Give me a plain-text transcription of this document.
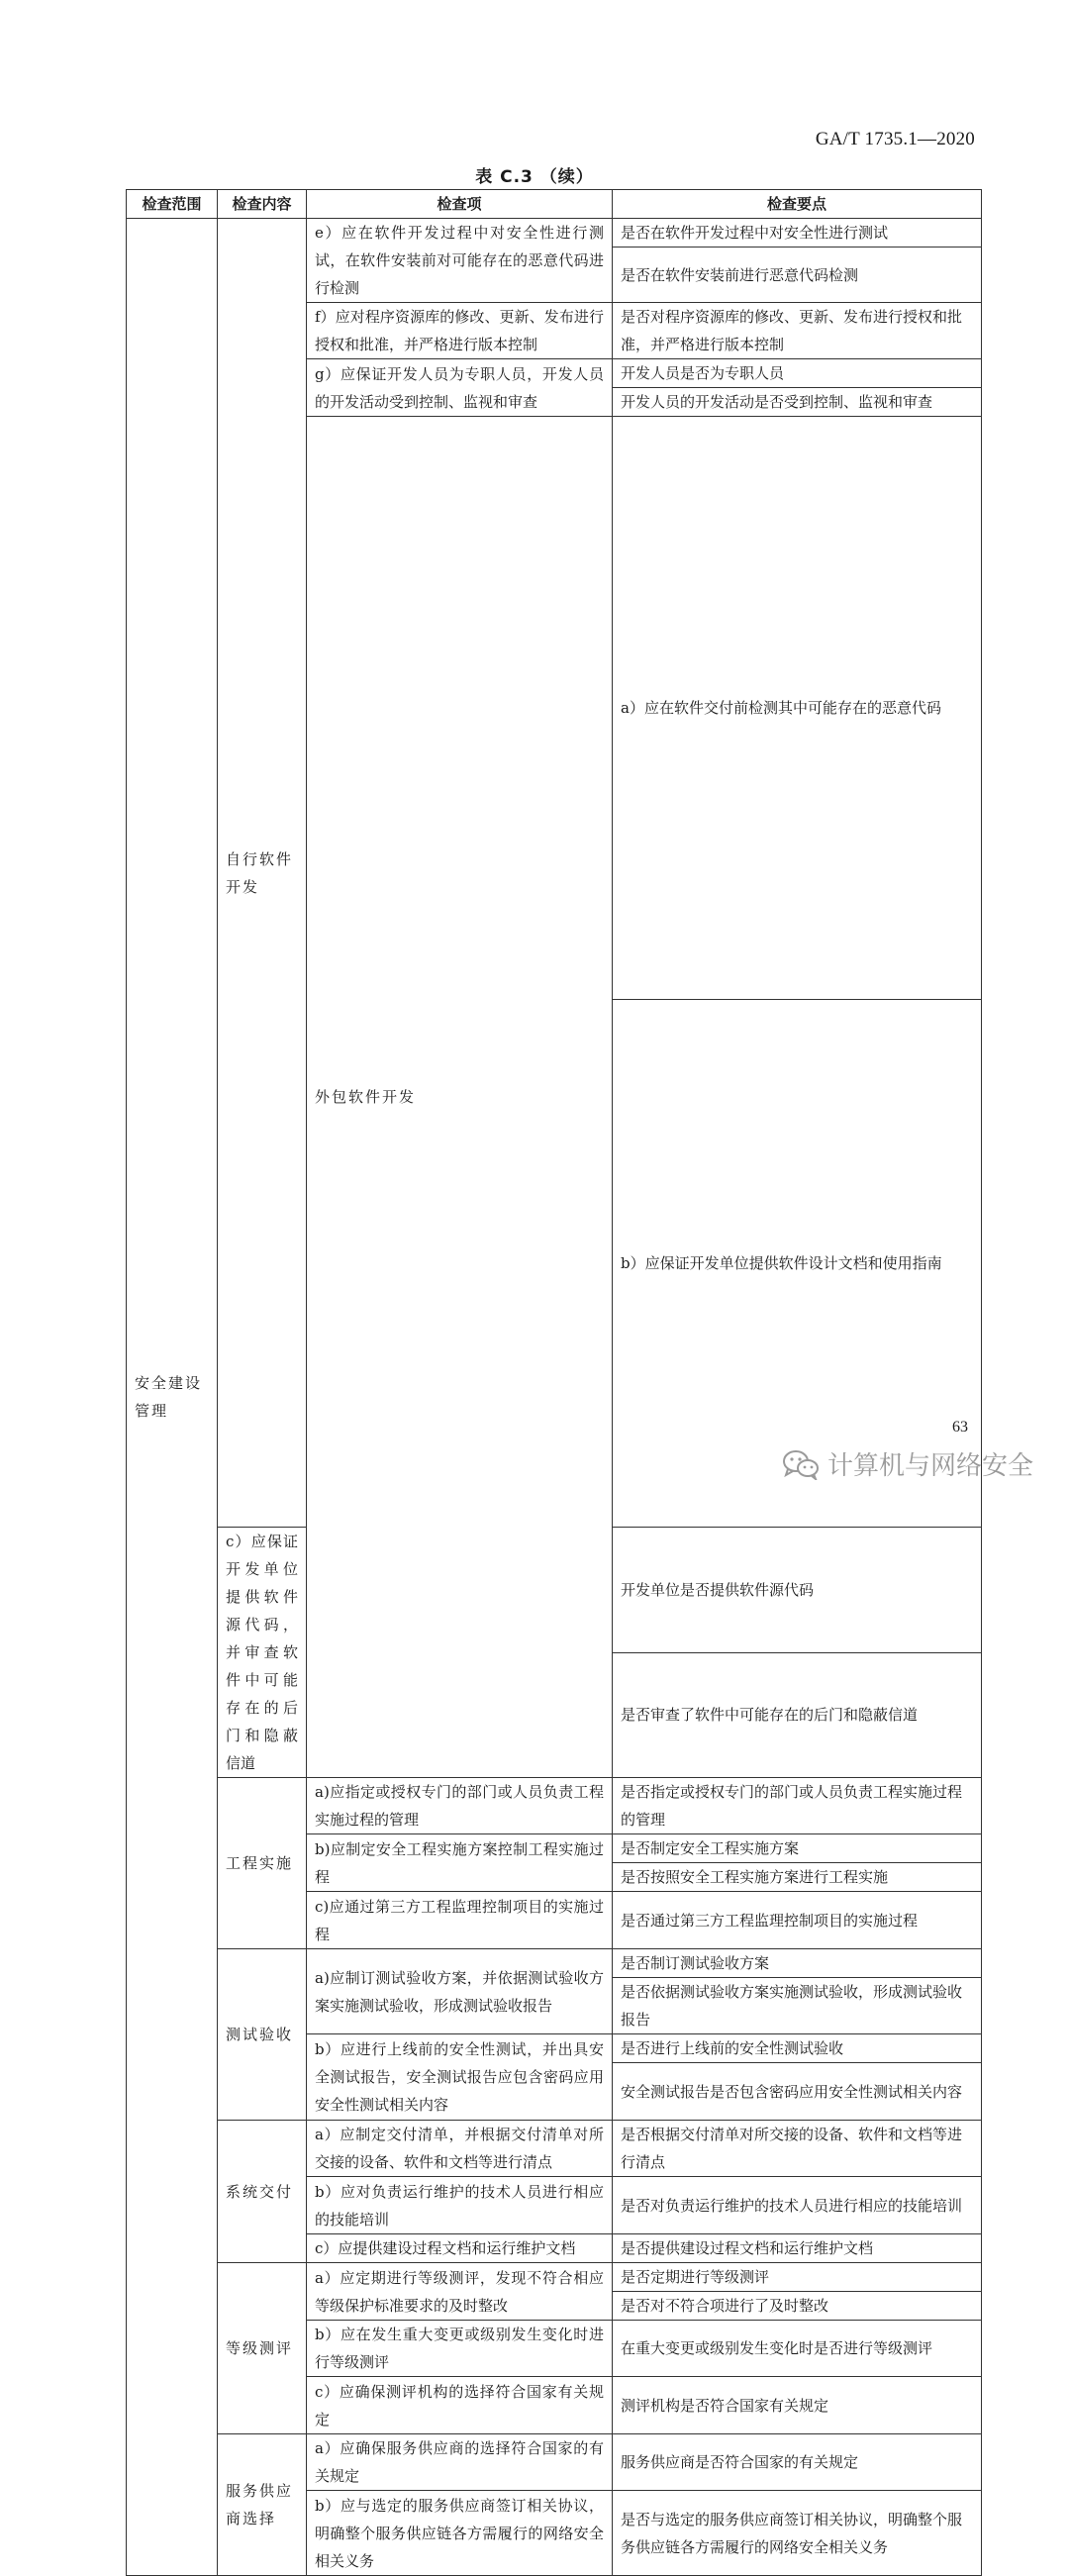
GA/T 1735.1—2020
表 C.3 （续）
检查范围	检查内容	检查项	检查要点	
安全建设管理	自行软件开发	e）应在软件开发过程中对安全性进行测试，在软件安装前对可能存在的恶意代码进行检测	是否在软件开发过程中对安全性进行测试	
			是否在软件安装前进行恶意代码检测	
		f）应对程序资源库的修改、更新、发布进行授权和批准，并严格进行版本控制	是否对程序资源库的修改、更新、发布进行授权和批准，并严格进行版本控制	
		g）应保证开发人员为专职人员，开发人员的开发活动受到控制、监视和审查	开发人员是否为专职人员	
			开发人员的开发活动是否受到控制、监视和审查	
		外包软件开发	a）应在软件交付前检测其中可能存在的恶意代码	
			b）应保证开发单位提供软件设计文档和使用指南	
	c）应保证开发单位提供软件源代码，并审查软件中可能存在的后门和隐蔽信道		开发单位是否提供软件源代码	
			是否审查了软件中可能存在的后门和隐蔽信道	
	工程实施	a)应指定或授权专门的部门或人员负责工程实施过程的管理	是否指定或授权专门的部门或人员负责工程实施过程的管理	
		b)应制定安全工程实施方案控制工程实施过程	是否制定安全工程实施方案	
			是否按照安全工程实施方案进行工程实施	
		c)应通过第三方工程监理控制项目的实施过程	是否通过第三方工程监理控制项目的实施过程	
	测试验收	a)应制订测试验收方案，并依据测试验收方案实施测试验收，形成测试验收报告	是否制订测试验收方案	
			是否依据测试验收方案实施测试验收，形成测试验收报告	
		b）应进行上线前的安全性测试，并出具安全测试报告，安全测试报告应包含密码应用安全性测试相关内容	是否进行上线前的安全性测试验收	
			安全测试报告是否包含密码应用安全性测试相关内容	
	系统交付	a）应制定交付清单，并根据交付清单对所交接的设备、软件和文档等进行清点	是否根据交付清单对所交接的设备、软件和文档等进行清点	
		b）应对负责运行维护的技术人员进行相应的技能培训	是否对负责运行维护的技术人员进行相应的技能培训	
		c）应提供建设过程文档和运行维护文档	是否提供建设过程文档和运行维护文档	
	等级测评	a）应定期进行等级测评，发现不符合相应等级保护标准要求的及时整改	是否定期进行等级测评	
			是否对不符合项进行了及时整改	
		b）应在发生重大变更或级别发生变化时进行等级测评	在重大变更或级别发生变化时是否进行等级测评	
		c）应确保测评机构的选择符合国家有关规定	测评机构是否符合国家有关规定	
	服务供应商选择	a）应确保服务供应商的选择符合国家的有关规定	服务供应商是否符合国家的有关规定	
		b）应与选定的服务供应商签订相关协议，明确整个服务供应链各方需履行的网络安全相关义务	是否与选定的服务供应商签订相关协议，明确整个服务供应链各方需履行的网络安全相关义务	
63
计算机与网络安全
